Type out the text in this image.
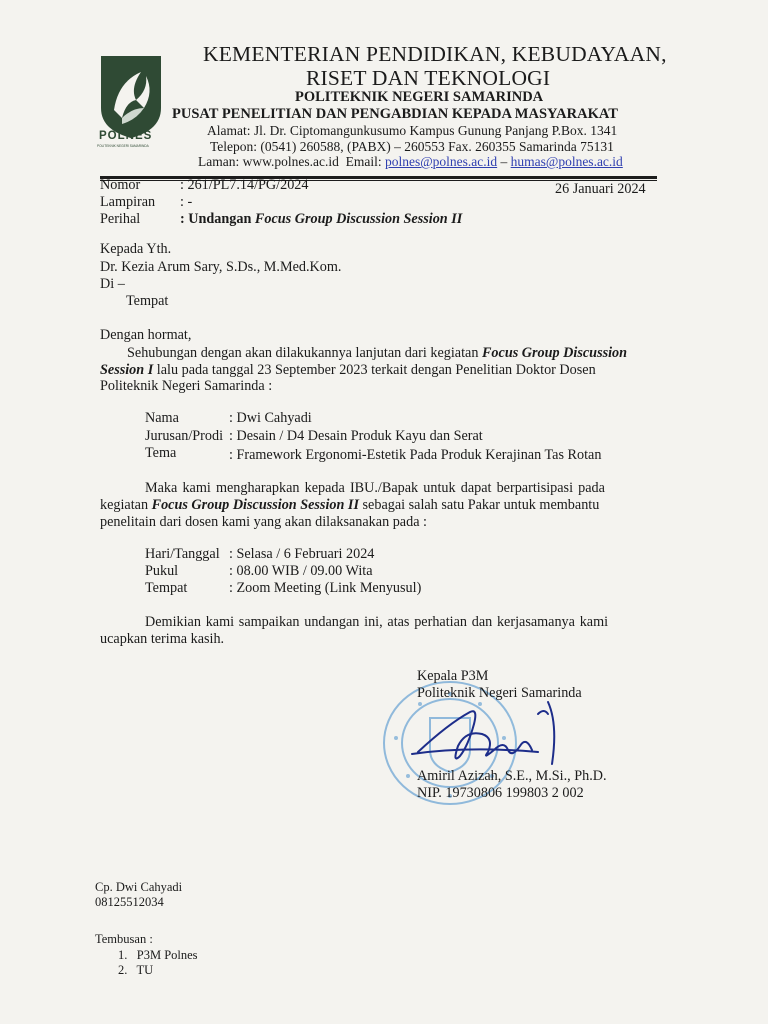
POLNES
POLITEKNIK NEGERI SAMARINDA
KEMENTERIAN PENDIDIKAN, KEBUDAYAAN,
RISET DAN TEKNOLOGI
POLITEKNIK NEGERI SAMARINDA
PUSAT PENELITIAN DAN PENGABDIAN KEPADA MASYARAKAT
Alamat: Jl. Dr. Ciptomangunkusumo Kampus Gunung Panjang P.Box. 1341
Telepon: (0541) 260588, (PABX) – 260553 Fax. 260355 Samarinda 75131
Laman: www.polnes.ac.id Email: polnes@polnes.ac.id – humas@polnes.ac.id
Nomor	: 261/PL7.14/PG/2024	26 Januari 2024
Lampiran : -
Perihal	: Undangan Focus Group Discussion Session II
Kepada Yth.
Dr. Kezia Arum Sary, S.Ds., M.Med.Kom.
Di –
Tempat
Dengan hormat,
Sehubungan dengan akan dilakukannya lanjutan dari kegiatan Focus Group Discussion
Session I lalu pada tanggal 23 September 2023 terkait dengan Penelitian Doktor Dosen
Politeknik Negeri Samarinda :
Nama	: Dwi Cahyadi
Jurusan/Prodi : Desain / D4 Desain Produk Kayu dan Serat
Tema	: Framework Ergonomi-Estetik Pada Produk Kerajinan Tas Rotan
Maka kami mengharapkan kepada IBU./Bapak untuk dapat berpartisipasi pada
kegiatan Focus Group Discussion Session II sebagai salah satu Pakar untuk membantu
penelitain dari dosen kami yang akan dilaksanakan pada :
Hari/Tanggal : Selasa / 6 Februari 2024
Pukul	: 08.00 WIB / 09.00 Wita
Tempat	: Zoom Meeting (Link Menyusul)
Demikian kami sampaikan undangan ini, atas perhatian dan kerjasamanya kami
ucapkan terima kasih.
Kepala P3M
Politeknik Negeri Samarinda
Amiril Azizah, S.E., M.Si., Ph.D.
NIP. 19730806 199803 2 002
Cp. Dwi Cahyadi
08125512034
Tembusan :
1.   P3M Polnes
2.   TU
